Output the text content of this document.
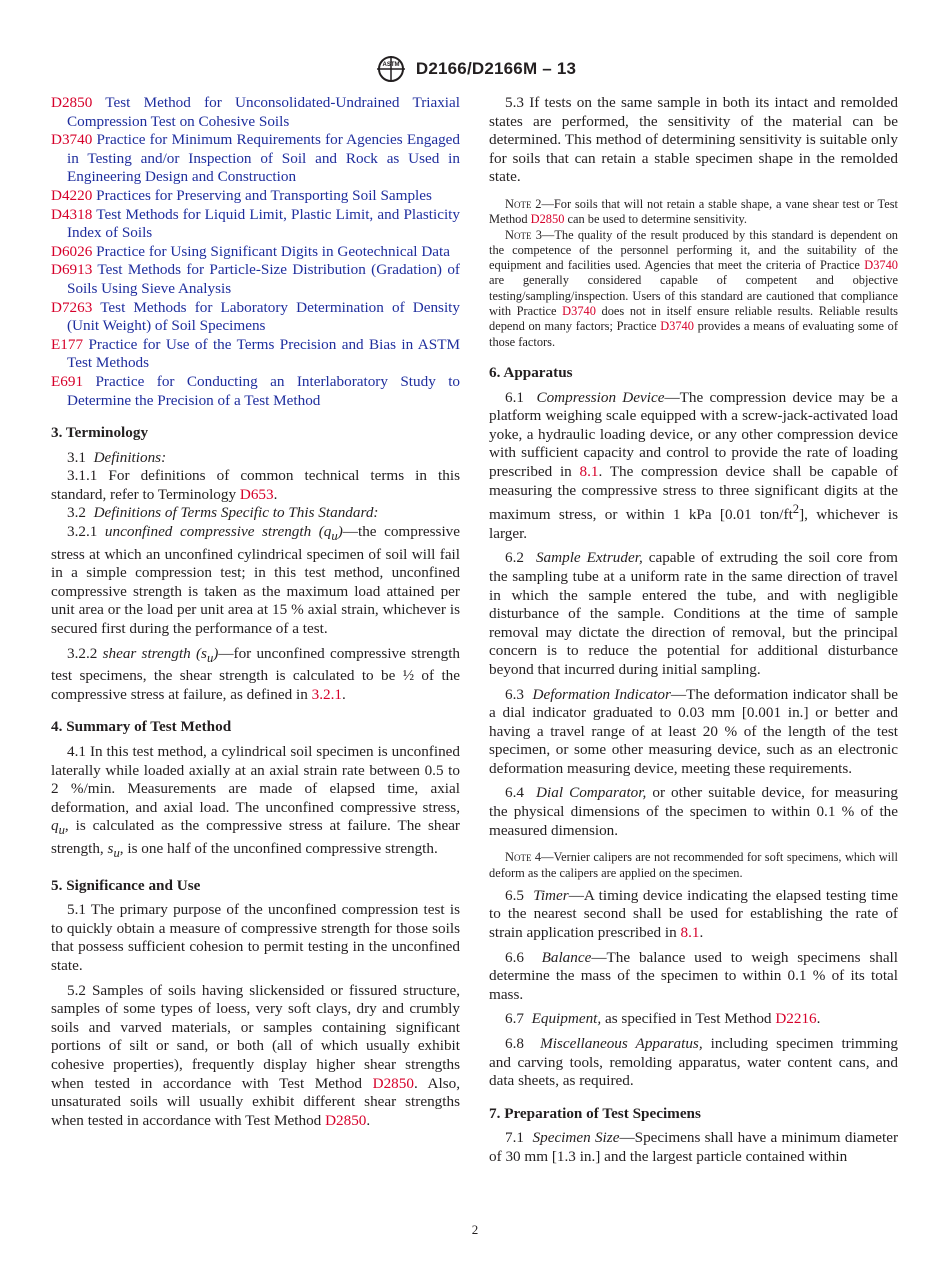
ASTM D2166/D2166M – 13

D2850 Test Method for Unconsolidated-Undrained Triaxial Compression Test on Cohesive Soils

D3740 Practice for Minimum Requirements for Agencies Engaged in Testing and/or Inspection of Soil and Rock as Used in Engineering Design and Construction

D4220 Practices for Preserving and Transporting Soil Samples

D4318 Test Methods for Liquid Limit, Plastic Limit, and Plasticity Index of Soils

D6026 Practice for Using Significant Digits in Geotechnical Data

D6913 Test Methods for Particle-Size Distribution (Gradation) of Soils Using Sieve Analysis

D7263 Test Methods for Laboratory Determination of Density (Unit Weight) of Soil Specimens

E177 Practice for Use of the Terms Precision and Bias in ASTM Test Methods

E691 Practice for Conducting an Interlaboratory Study to Determine the Precision of a Test Method

3. Terminology

3.1 Definitions:

3.1.1 For definitions of common technical terms in this standard, refer to Terminology D653.

3.2 Definitions of Terms Specific to This Standard:

3.2.1 unconfined compressive strength $(q_u)—the$ compressive stress at which an unconfined cylindrical specimen of soil will fail in a simple compression test; in this test method, unconfined compressive strength is taken as the maximum load attained per unit area or the load per unit area at 15 % axial strain, whichever is secured first during the performance of a test.

3.2.2 shear strength $(s_u)—for$ unconfined compressive strength test specimens, the shear strength is calculated to be ½ of the compressive stress at failure, as defined in 3.2.1.

4. Summary of Test Method

4.1 In this test method, a cylindrical soil specimen is unconfined laterally while loaded axially at an axial strain rate between 0.5 to 2 %/min. Measurements are made of elapsed time, axial deformation, and axial load. The unconfined compressive stress, $q_u$, is calculated as the compressive stress at failure. The shear strength, $s_u$, is one half of the unconfined compressive strength.

5. Significance and Use

5.1 The primary purpose of the unconfined compression test is to quickly obtain a measure of compressive strength for those soils that possess sufficient cohesion to permit testing in the unconfined state.

5.2 Samples of soils having slickensided or fissured structure, samples of some types of loess, very soft clays, dry and crumbly soils and varved materials, or samples containing significant portions of silt or sand, or both (all of which usually exhibit cohesive properties), frequently display higher shear strengths when tested in accordance with Test Method D2850. Also, unsaturated soils will usually exhibit different shear strengths when tested in accordance with Test Method D2850.

5.3 If tests on the same sample in both its intact and remolded states are performed, the sensitivity of the material can be determined. This method of determining sensitivity is suitable only for soils that can retain a stable specimen shape in the remolded state.

Note 2—For soils that will not retain a stable shape, a vane shear test or Test Method D2850 can be used to determine sensitivity.

Note 3—The quality of the result produced by this standard is dependent on the competence of the personnel performing it, and the suitability of the equipment and facilities used. Agencies that meet the criteria of Practice D3740 are generally considered capable of competent and objective testing/sampling/inspection. Users of this standard are cautioned that compliance with Practice D3740 does not in itself ensure reliable results. Reliable results depend on many factors; Practice D3740 provides a means of evaluating some of those factors.

6. Apparatus

6.1 Compression Device—The compression device may be a platform weighing scale equipped with a screw-jack-activated load yoke, a hydraulic loading device, or any other compression device with sufficient capacity and control to provide the rate of loading prescribed in 8.1. The compression device shall be capable of measuring the compressive stress to three significant digits at the maximum stress, or within 1 kPa [0.01 ton/$ft^2$], whichever is larger.

6.2 Sample Extruder, capable of extruding the soil core from the sampling tube at a uniform rate in the same direction of travel in which the sample entered the tube, and with negligible disturbance of the sample. Conditions at the time of sample removal may dictate the direction of removal, but the principal concern is to reduce the potential for additional disturbance beyond that incurred during initial sampling.

6.3 Deformation Indicator—The deformation indicator shall be a dial indicator graduated to 0.03 mm [0.001 in.] or better and having a travel range of at least 20 % of the length of the test specimen, or some other measuring device, such as an electronic deformation measuring device, meeting these requirements.

6.4 Dial Comparator, or other suitable device, for measuring the physical dimensions of the specimen to within 0.1 % of the measured dimension.

Note 4—Vernier calipers are not recommended for soft specimens, which will deform as the calipers are applied on the specimen.

6.5 Timer—A timing device indicating the elapsed testing time to the nearest second shall be used for establishing the rate of strain application prescribed in 8.1.

6.6 Balance—The balance used to weigh specimens shall determine the mass of the specimen to within 0.1 % of its total mass.

6.7 Equipment, as specified in Test Method D2216.

6.8 Miscellaneous Apparatus, including specimen trimming and carving tools, remolding apparatus, water content cans, and data sheets, as required.

7. Preparation of Test Specimens

7.1 Specimen Size—Specimens shall have a minimum diameter of 30 mm [1.3 in.] and the largest particle contained within

2
